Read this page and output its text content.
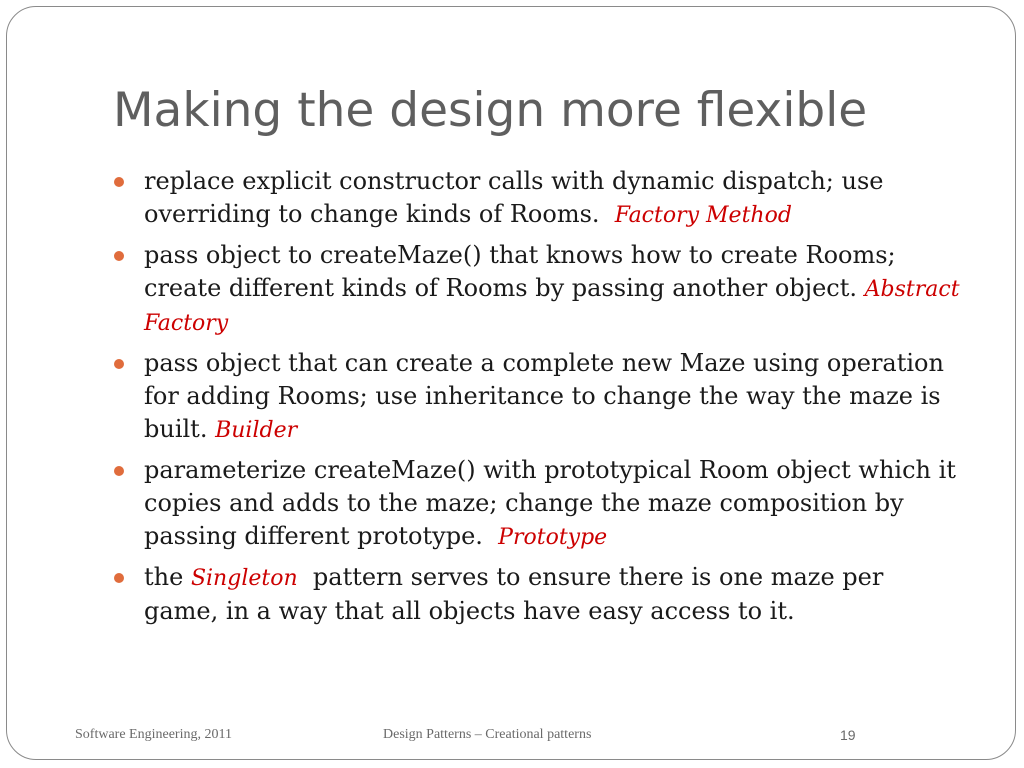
Making the design more flexible
replace explicit constructor calls with dynamic dispatch; use overriding to change kinds of Rooms. Factory Method
pass object to createMaze() that knows how to create Rooms; create different kinds of Rooms by passing another object. Abstract Factory
pass object that can create a complete new Maze using operation for adding Rooms; use inheritance to change the way the maze is built. Builder
parameterize createMaze() with prototypical Room object which it copies and adds to the maze; change the maze composition by passing different prototype. Prototype
the Singleton pattern serves to ensure there is one maze per game, in a way that all objects have easy access to it.
Software Engineering, 2011	Design Patterns – Creational patterns	19
